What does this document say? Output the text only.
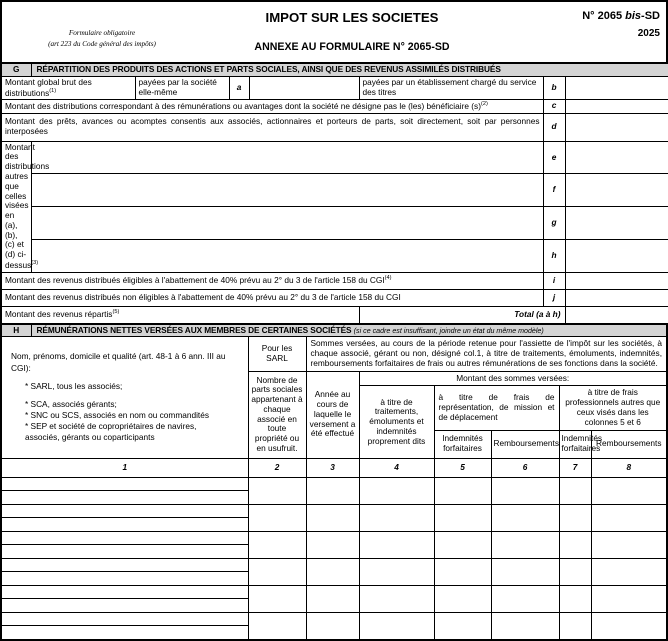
Formulaire obligatoire
(art 223 du Code général des impôts)
IMPOT SUR LES SOCIETES
ANNEXE AU FORMULAIRE N° 2065-SD
N° 2065 bis-SD
2025
G	RÉPARTITION DES PRODUITS DES ACTIONS ET PARTS SOCIALES, AINSI QUE DES REVENUS ASSIMILÉS DISTRIBUÉS						
Montant global brut des distributions$^{(1)}$		payées par la société elle-même	a		payées par un établissement chargé du service des titres	b	
Montant des distributions correspondant à des rémunérations ou avantages dont la société ne désigne pas le (les) bénéficiaire $(s)^{(2)}$						c	
Montant des prêts, avances ou acomptes consentis aux associés, actionnaires et porteurs de parts, soit directement, soit par personnes interposées						d	

Montant des distributions
autres que celles visées en
(a), (b), (c) et (d) ci-dessus$^{(3)}$						e	
						f	
						g	
						h	
Montant des revenus distribués éligibles à l'abattement de 40% prévu au 2° du 3 de l'article 158 du CGI$^{(4)}$						i	
Montant des revenus distribués non éligibles à l'abattement de 40% prévu au 2° du 3 de l'article 158 du CGI						j	
Montant des revenus répartis$^{(5)}$					Total (a à h)		
H	RÉMUNÉRATIONS NETTES VERSÉES AUX MEMBRES DE CERTAINES SOCIÉTÉS (si ce cadre est insuffisant, joindre un état du même modèle)							

Nom, prénoms, domicile et qualité (art. 48-1 à 6 ann. III au CGI):
* SARL, tous les associés;
* SCA, associés gérants;
* SNC ou SCS, associés en nom ou commandités
* SEP et société de copropriétaires de navires,
associés, gérants ou coparticipants
	Pour les SARL	Sommes versées, au cours de la période retenue pour l'assiette de l'impôt sur les sociétés, à chaque associé, gérant ou non, désigné col.1, à titre de traitements, émoluments, indemnités, remboursements forfaitaires de frais ou autres rémunérations de ses fonctions dans la société.
		Nombre de parts sociales appartenant à chaque associé en toute propriété ou en usufruit.	Année au cours de laquelle le versement a été effectué	Montant des sommes versées:				
				à titre de traitements, émoluments et indemnités proprement dits	à titre de frais de représentation, de mission et de déplacement		à titre de frais professionnels autres que ceux visés dans les colonnes 5 et 6	
					Indemnités forfaitaires	Remboursements	Indemnités forfaitaires	Remboursements
1		2	3	4	5	6	7	8
